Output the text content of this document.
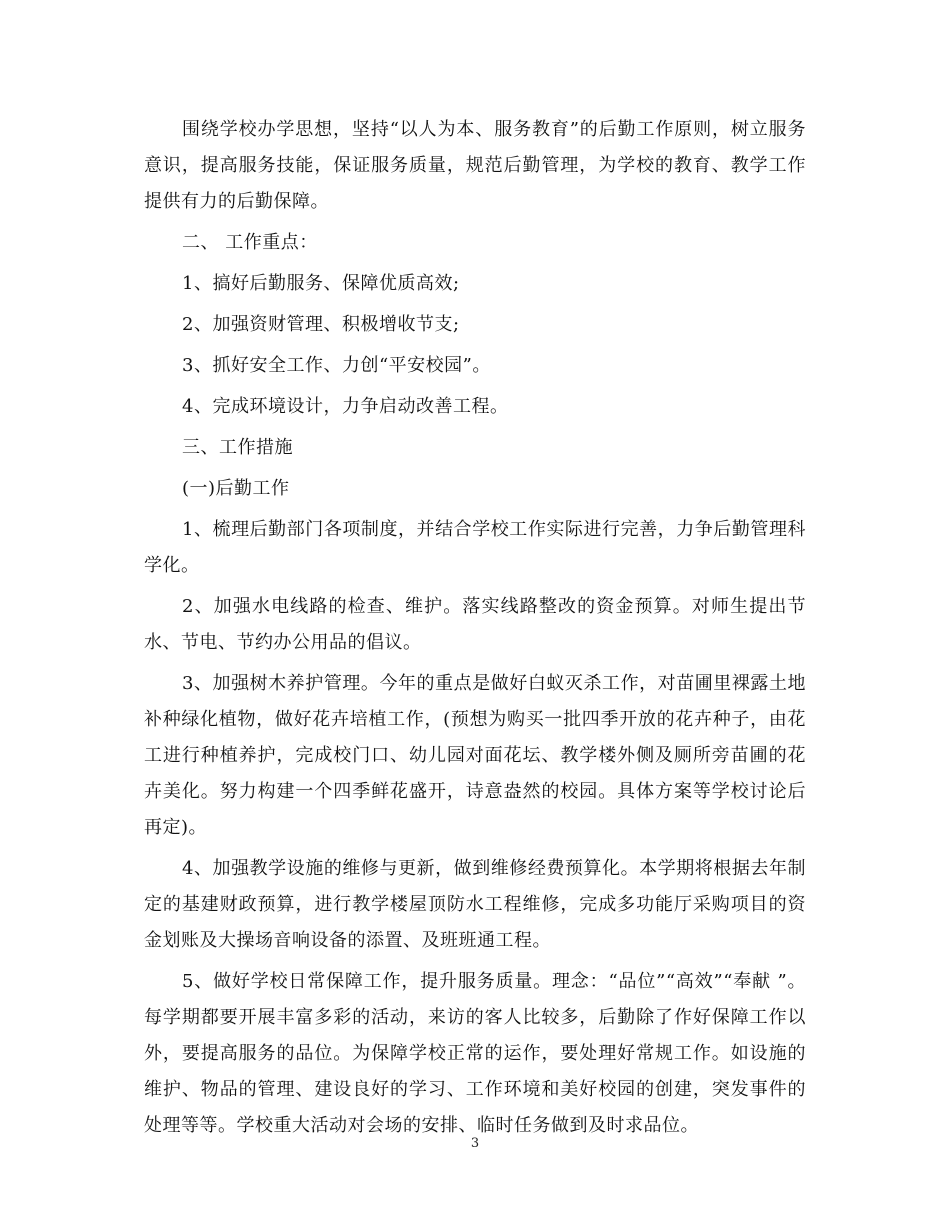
围绕学校办学思想，坚持“以人为本、服务教育”的后勤工作原则，树立服务意识，提高服务技能，保证服务质量，规范后勤管理，为学校的教育、教学工作提供有力的后勤保障。

二、 工作重点：

1、搞好后勤服务、保障优质高效;

2、加强资财管理、积极增收节支;

3、抓好安全工作、力创“平安校园”。

4、完成环境设计，力争启动改善工程。

三、工作措施

(一)后勤工作

1、梳理后勤部门各项制度，并结合学校工作实际进行完善，力争后勤管理科学化。

2、加强水电线路的检查、维护。落实线路整改的资金预算。对师生提出节水、节电、节约办公用品的倡议。

3、加强树木养护管理。今年的重点是做好白蚁灭杀工作，对苗圃里裸露土地补种绿化植物，做好花卉培植工作，(预想为购买一批四季开放的花卉种子，由花工进行种植养护，完成校门口、幼儿园对面花坛、教学楼外侧及厕所旁苗圃的花卉美化。努力构建一个四季鲜花盛开，诗意盎然的校园。具体方案等学校讨论后再定)。

4、加强教学设施的维修与更新，做到维修经费预算化。本学期将根据去年制定的基建财政预算，进行教学楼屋顶防水工程维修，完成多功能厅采购项目的资金划账及大操场音响设备的添置、及班班通工程。

5、做好学校日常保障工作，提升服务质量。理念：“品位”“高效”“奉献 ”。每学期都要开展丰富多彩的活动，来访的客人比较多，后勤除了作好保障工作以外，要提高服务的品位。为保障学校正常的运作，要处理好常规工作。如设施的维护、物品的管理、建设良好的学习、工作环境和美好校园的创建，突发事件的处理等等。学校重大活动对会场的安排、临时任务做到及时求品位。

3
